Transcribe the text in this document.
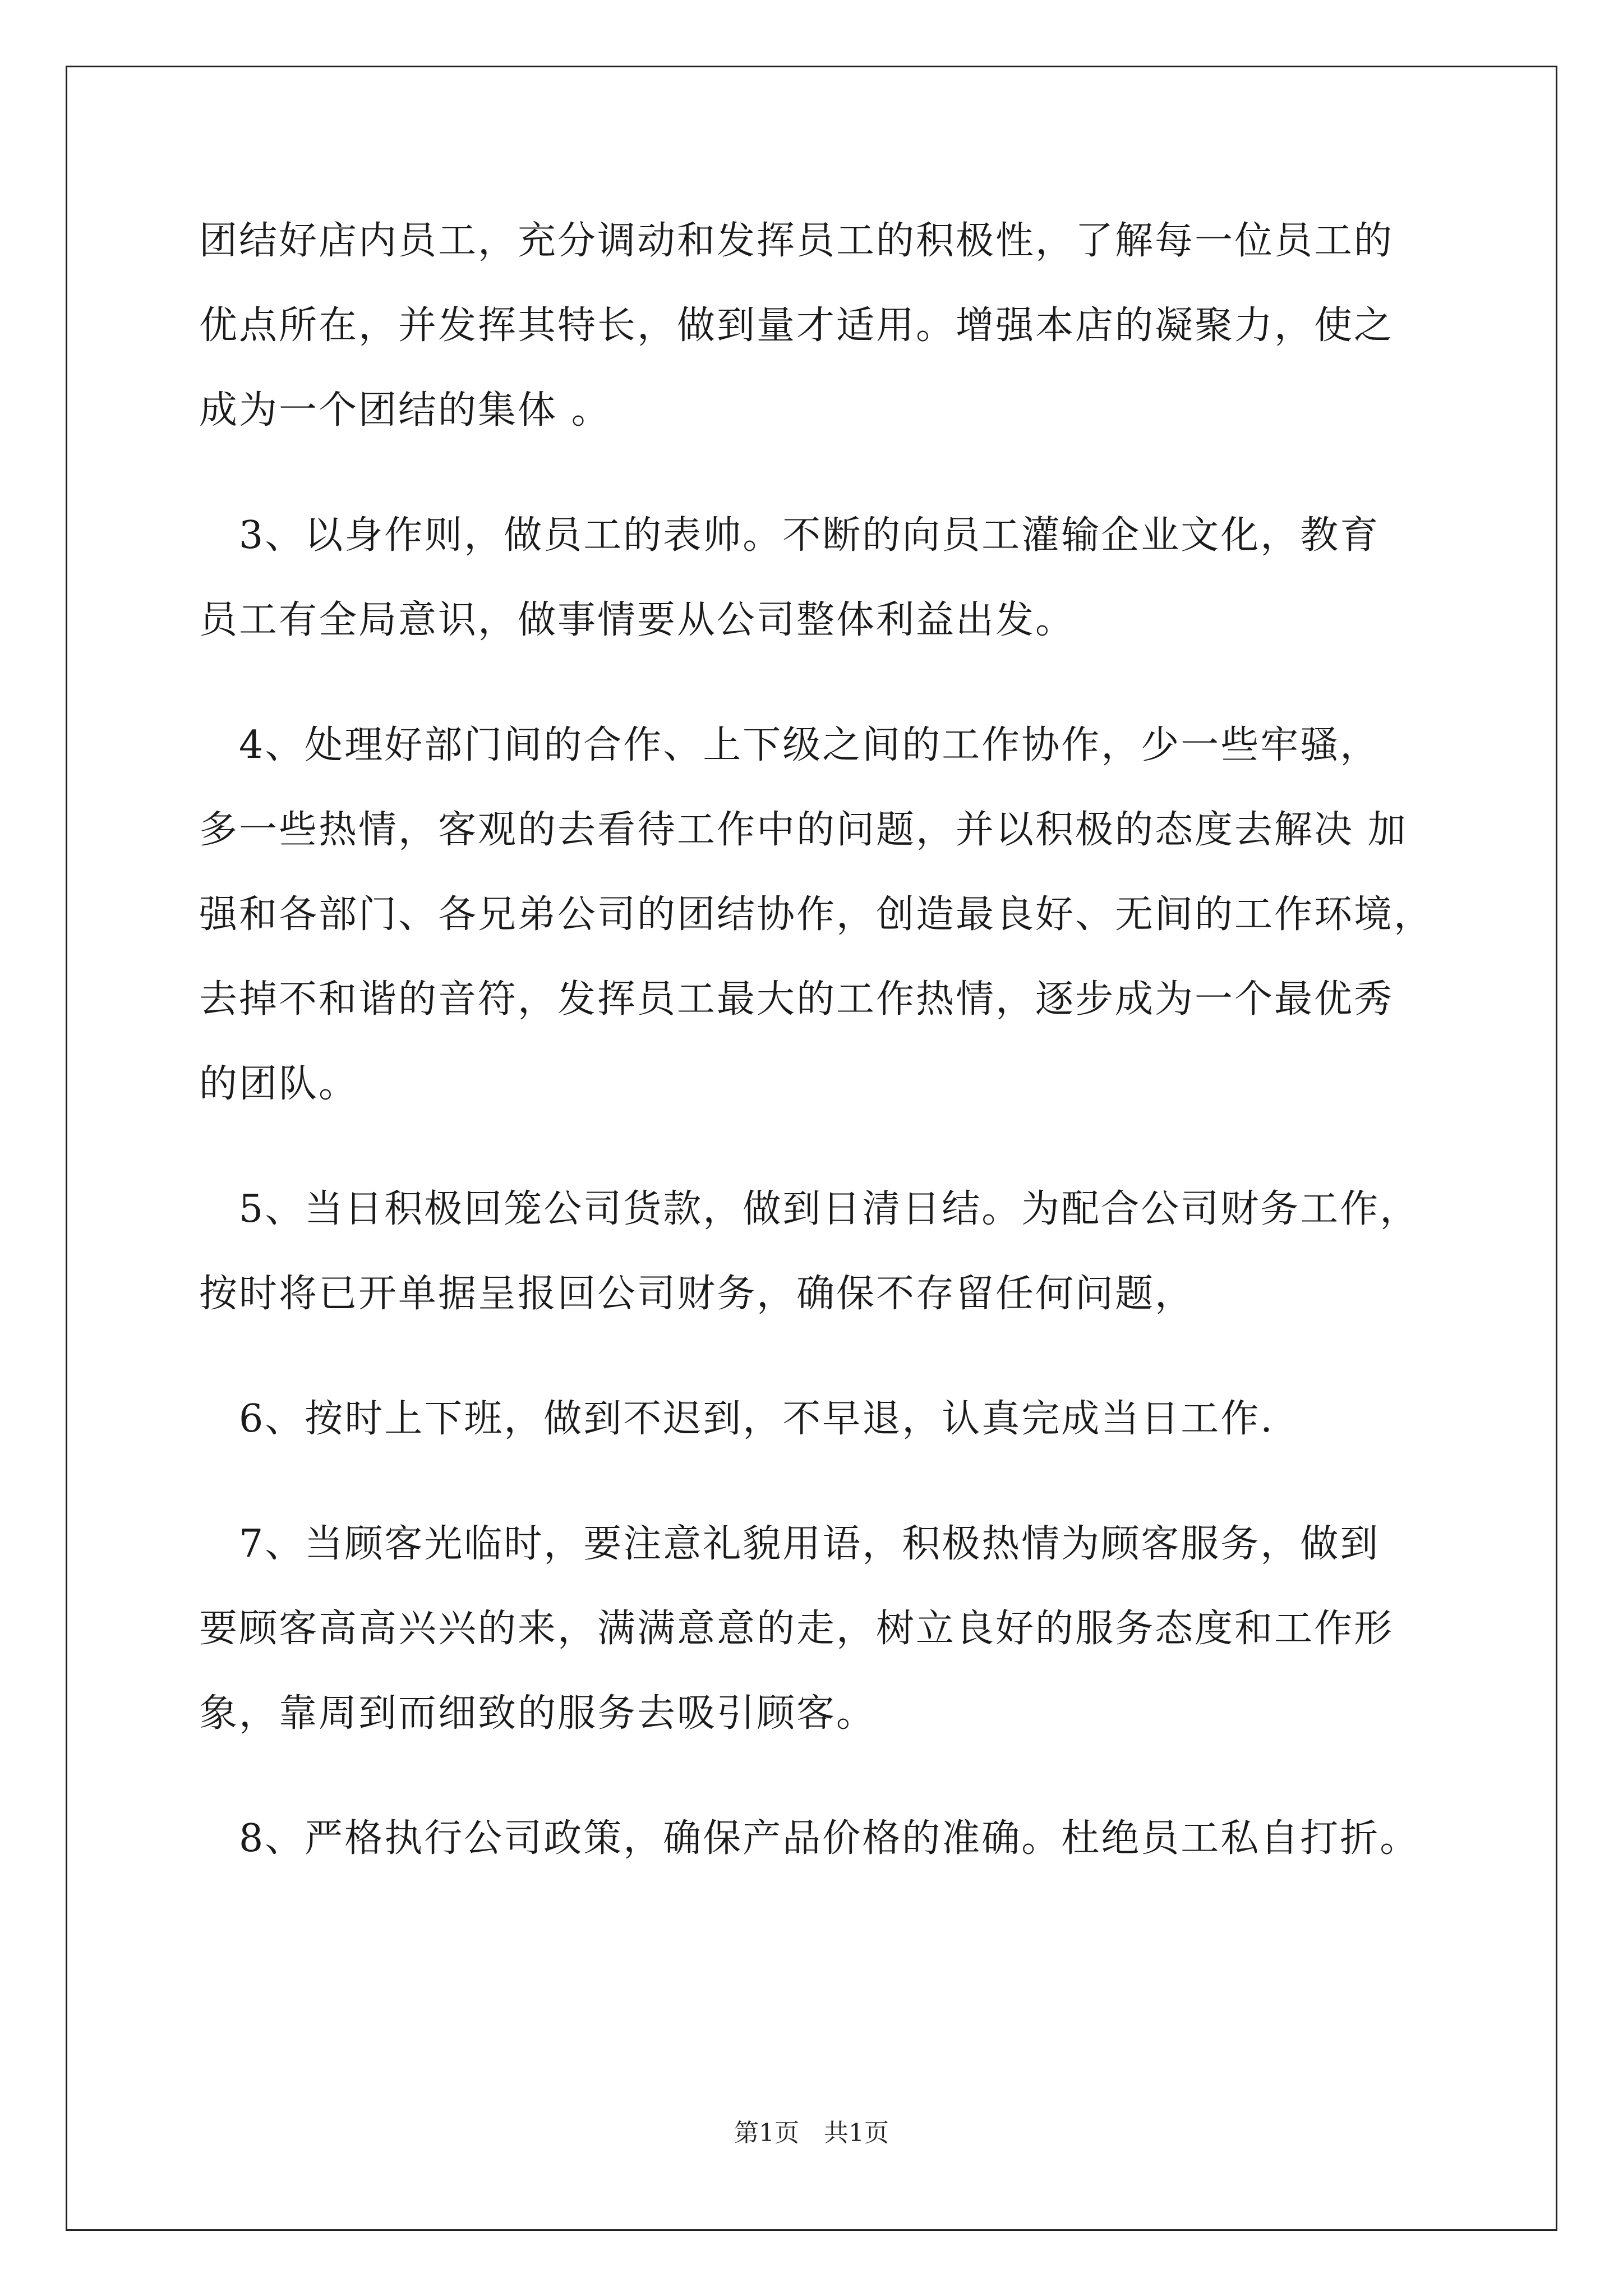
团结好店内员工，充分调动和发挥员工的积极性，了解每一位员工的
优点所在，并发挥其特长，做到量才适用。增强本店的凝聚力，使之
成为一个团结的集体 。
　3、以身作则，做员工的表帅。不断的向员工灌输企业文化，教育
员工有全局意识，做事情要从公司整体利益出发。
　4、处理好部门间的合作、上下级之间的工作协作，少一些牢骚，
多一些热情，客观的去看待工作中的问题，并以积极的态度去解决 加
强和各部门、各兄弟公司的团结协作，创造最良好、无间的工作环境，
去掉不和谐的音符，发挥员工最大的工作热情，逐步成为一个最优秀
的团队。
　5、当日积极回笼公司货款，做到日清日结。为配合公司财务工作，
按时将已开单据呈报回公司财务，确保不存留任何问题，
　6、按时上下班，做到不迟到，不早退，认真完成当日工作.
　7、当顾客光临时，要注意礼貌用语，积极热情为顾客服务，做到
要顾客高高兴兴的来，满满意意的走，树立良好的服务态度和工作形
象，靠周到而细致的服务去吸引顾客。
　8、严格执行公司政策，确保产品价格的准确。杜绝员工私自打折。
第1页　共1页
